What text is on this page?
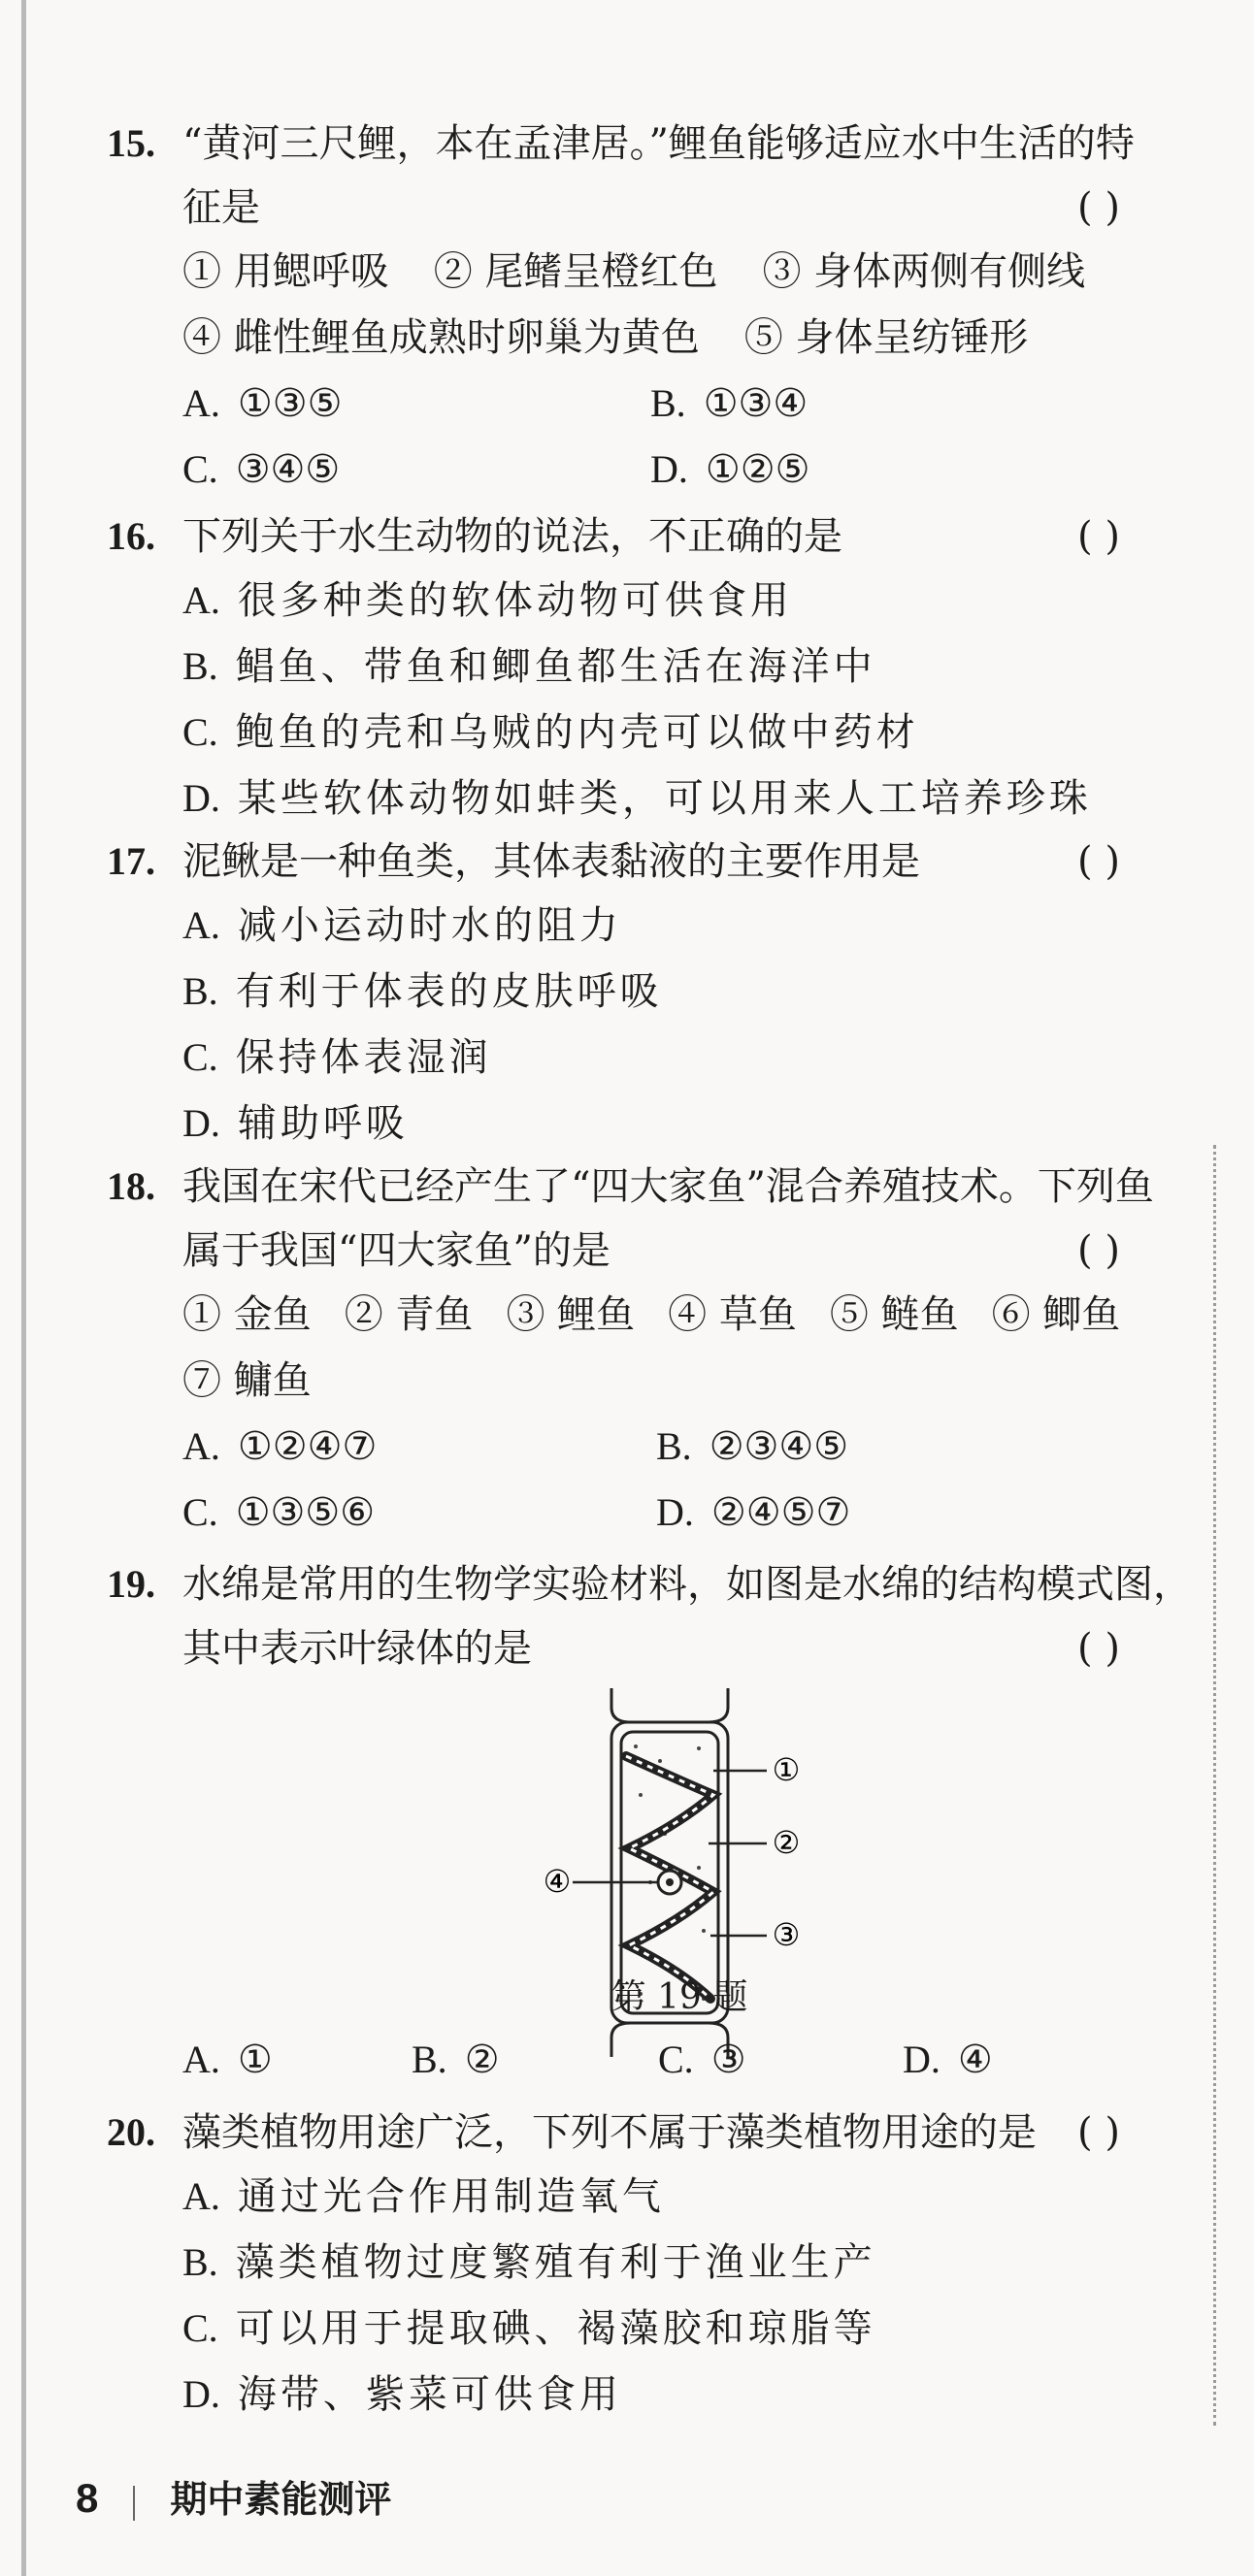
15. “黄河三尺鲤，本在孟津居。”鲤鱼能够适应水中生活的特
征是	( )
① 用鳃呼吸 ② 尾鳍呈橙红色 ③ 身体两侧有侧线
④ 雌性鲤鱼成熟时卵巢为黄色 ⑤ 身体呈纺锤形
A. ①③⑤	B. ①③④
C. ③④⑤	D. ①②⑤
16. 下列关于水生动物的说法，不正确的是	( )
A. 很多种类的软体动物可供食用
B. 鲳鱼、带鱼和鲫鱼都生活在海洋中
C. 鲍鱼的壳和乌贼的内壳可以做中药材
D. 某些软体动物如蚌类，可以用来人工培养珍珠
17. 泥鳅是一种鱼类，其体表黏液的主要作用是	( )
A. 减小运动时水的阻力
B. 有利于体表的皮肤呼吸
C. 保持体表湿润
D. 辅助呼吸
18. 我国在宋代已经产生了“四大家鱼”混合养殖技术。下列鱼
属于我国“四大家鱼”的是	( )
① 金鱼 ② 青鱼 ③ 鲤鱼 ④ 草鱼 ⑤ 鲢鱼 ⑥ 鲫鱼
⑦ 鳙鱼
A. ①②④⑦	B. ②③④⑤
C. ①③⑤⑥	D. ②④⑤⑦
19. 水绵是常用的生物学实验材料，如图是水绵的结构模式图，
其中表示叶绿体的是	( )
①
②
③
④
第 19 题
A. ①	B. ②	C. ③	D. ④
20. 藻类植物用途广泛，下列不属于藻类植物用途的是 ( )
A. 通过光合作用制造氧气
B. 藻类植物过度繁殖有利于渔业生产
C. 可以用于提取碘、褐藻胶和琼脂等
D. 海带、紫菜可供食用
8 期中素能测评
